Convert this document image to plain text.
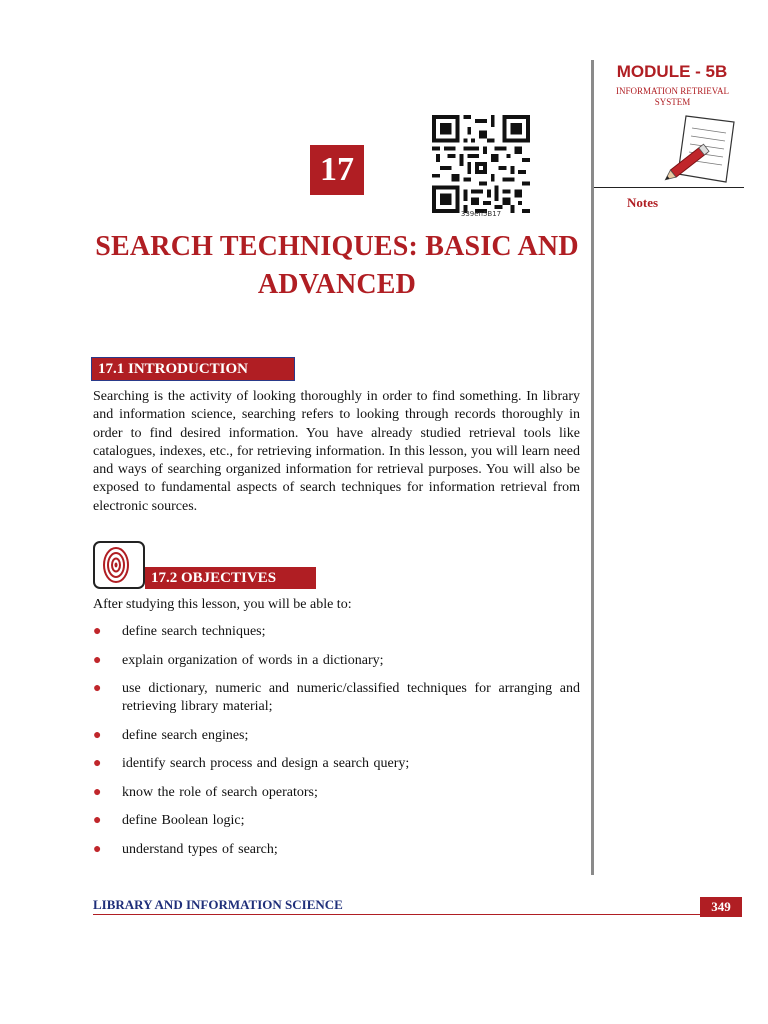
MODULE - 5B
INFORMATION RETRIEVAL SYSTEM
Notes
17
339en5B17
SEARCH TECHNIQUES: BASIC AND ADVANCED
17.1 INTRODUCTION
Searching is the activity of looking thoroughly in order to find something. In library and information science, searching refers to looking through records thoroughly in order to find desired information. You have already studied retrieval tools like catalogues, indexes, etc., for retrieving information. In this lesson, you will learn need and ways of searching organized information for retrieval purposes. You will also be exposed to fundamental aspects of search techniques for information retrieval from electronic sources.
17.2 OBJECTIVES
After studying this lesson, you will be able to:
● define search techniques;
● explain organization of words in a dictionary;
● use dictionary, numeric and numeric/classified techniques for arranging and retrieving library material;
● define search engines;
● identify search process and design a search query;
● know the role of search operators;
● define Boolean logic;
● understand types of search;
LIBRARY AND INFORMATION SCIENCE	349
